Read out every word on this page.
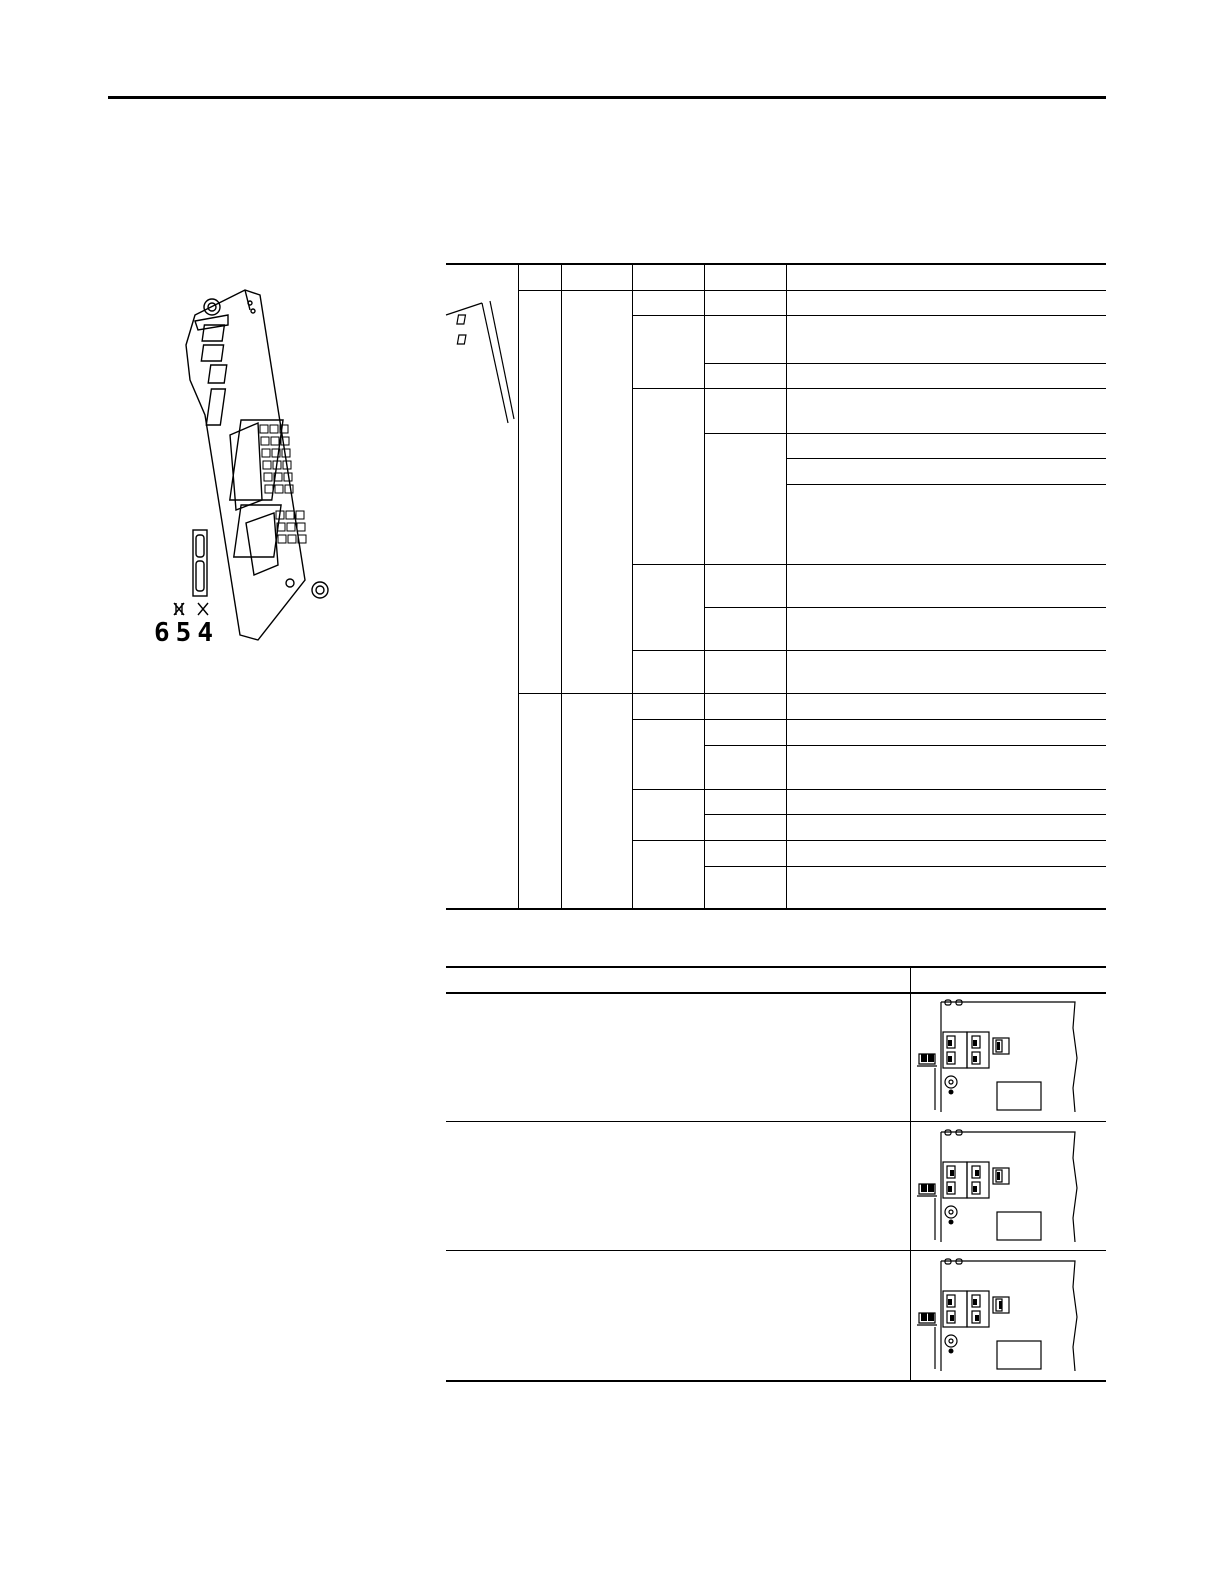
654
